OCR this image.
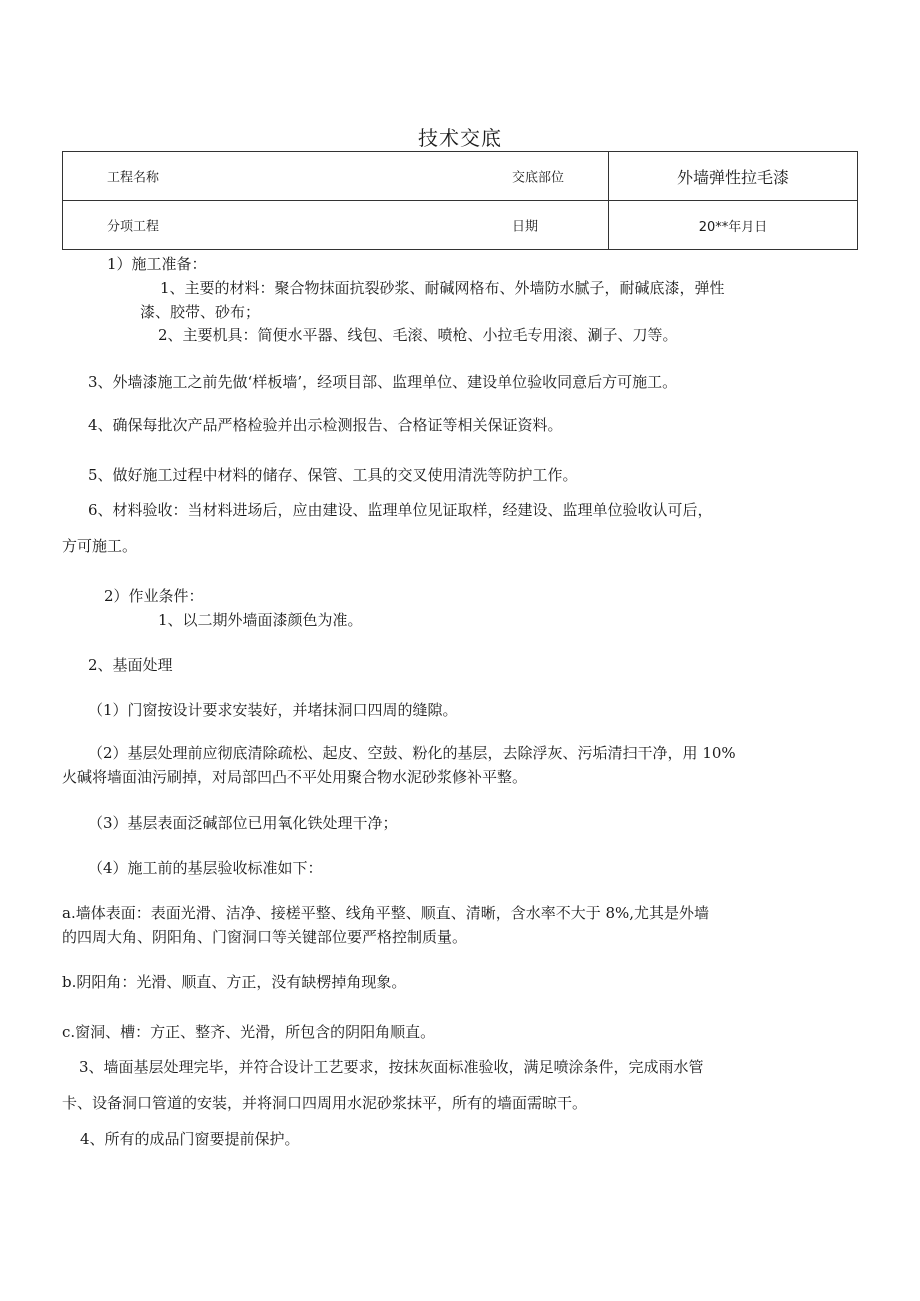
技术交底
工程名称 交底部位	外墙弹性拉毛漆

分项工程 日期	20**年月日
1）施工准备：
1、主要的材料：聚合物抹面抗裂砂浆、耐碱网格布、外墙防水腻子，耐碱底漆，弹性
漆、胶带、砂布；
2、主要机具：简便水平器、线包、毛滚、喷枪、小拉毛专用滚、涮子、刀等。
3、外墙漆施工之前先做‘样板墙’，经项目部、监理单位、建设单位验收同意后方可施工。
4、确保每批次产品严格检验并出示检测报告、合格证等相关保证资料。
5、做好施工过程中材料的储存、保管、工具的交叉使用清洗等防护工作。
6、材料验收：当材料进场后，应由建设、监理单位见证取样，经建设、监理单位验收认可后，
方可施工。
2）作业条件：
1、以二期外墙面漆颜色为准。
2、基面处理
（1）门窗按设计要求安装好，并堵抹洞口四周的缝隙。
（2）基层处理前应彻底清除疏松、起皮、空鼓、粉化的基层，去除浮灰、污垢清扫干净，用 10%
火碱将墙面油污刷掉，对局部凹凸不平处用聚合物水泥砂浆修补平整。
（3）基层表面泛碱部位已用氧化铁处理干净；
（4）施工前的基层验收标准如下：
a.墙体表面：表面光滑、洁净、接槎平整、线角平整、顺直、清晰，含水率不大于 8%,尤其是外墙
的四周大角、阴阳角、门窗洞口等关键部位要严格控制质量。
b.阴阳角：光滑、顺直、方正，没有缺楞掉角现象。
c.窗洞、槽：方正、整齐、光滑，所包含的阴阳角顺直。
3、墙面基层处理完毕，并符合设计工艺要求，按抹灰面标准验收，满足喷涂条件，完成雨水管
卡、设备洞口管道的安装，并将洞口四周用水泥砂浆抹平，所有的墙面需晾干。
4、所有的成品门窗要提前保护。
